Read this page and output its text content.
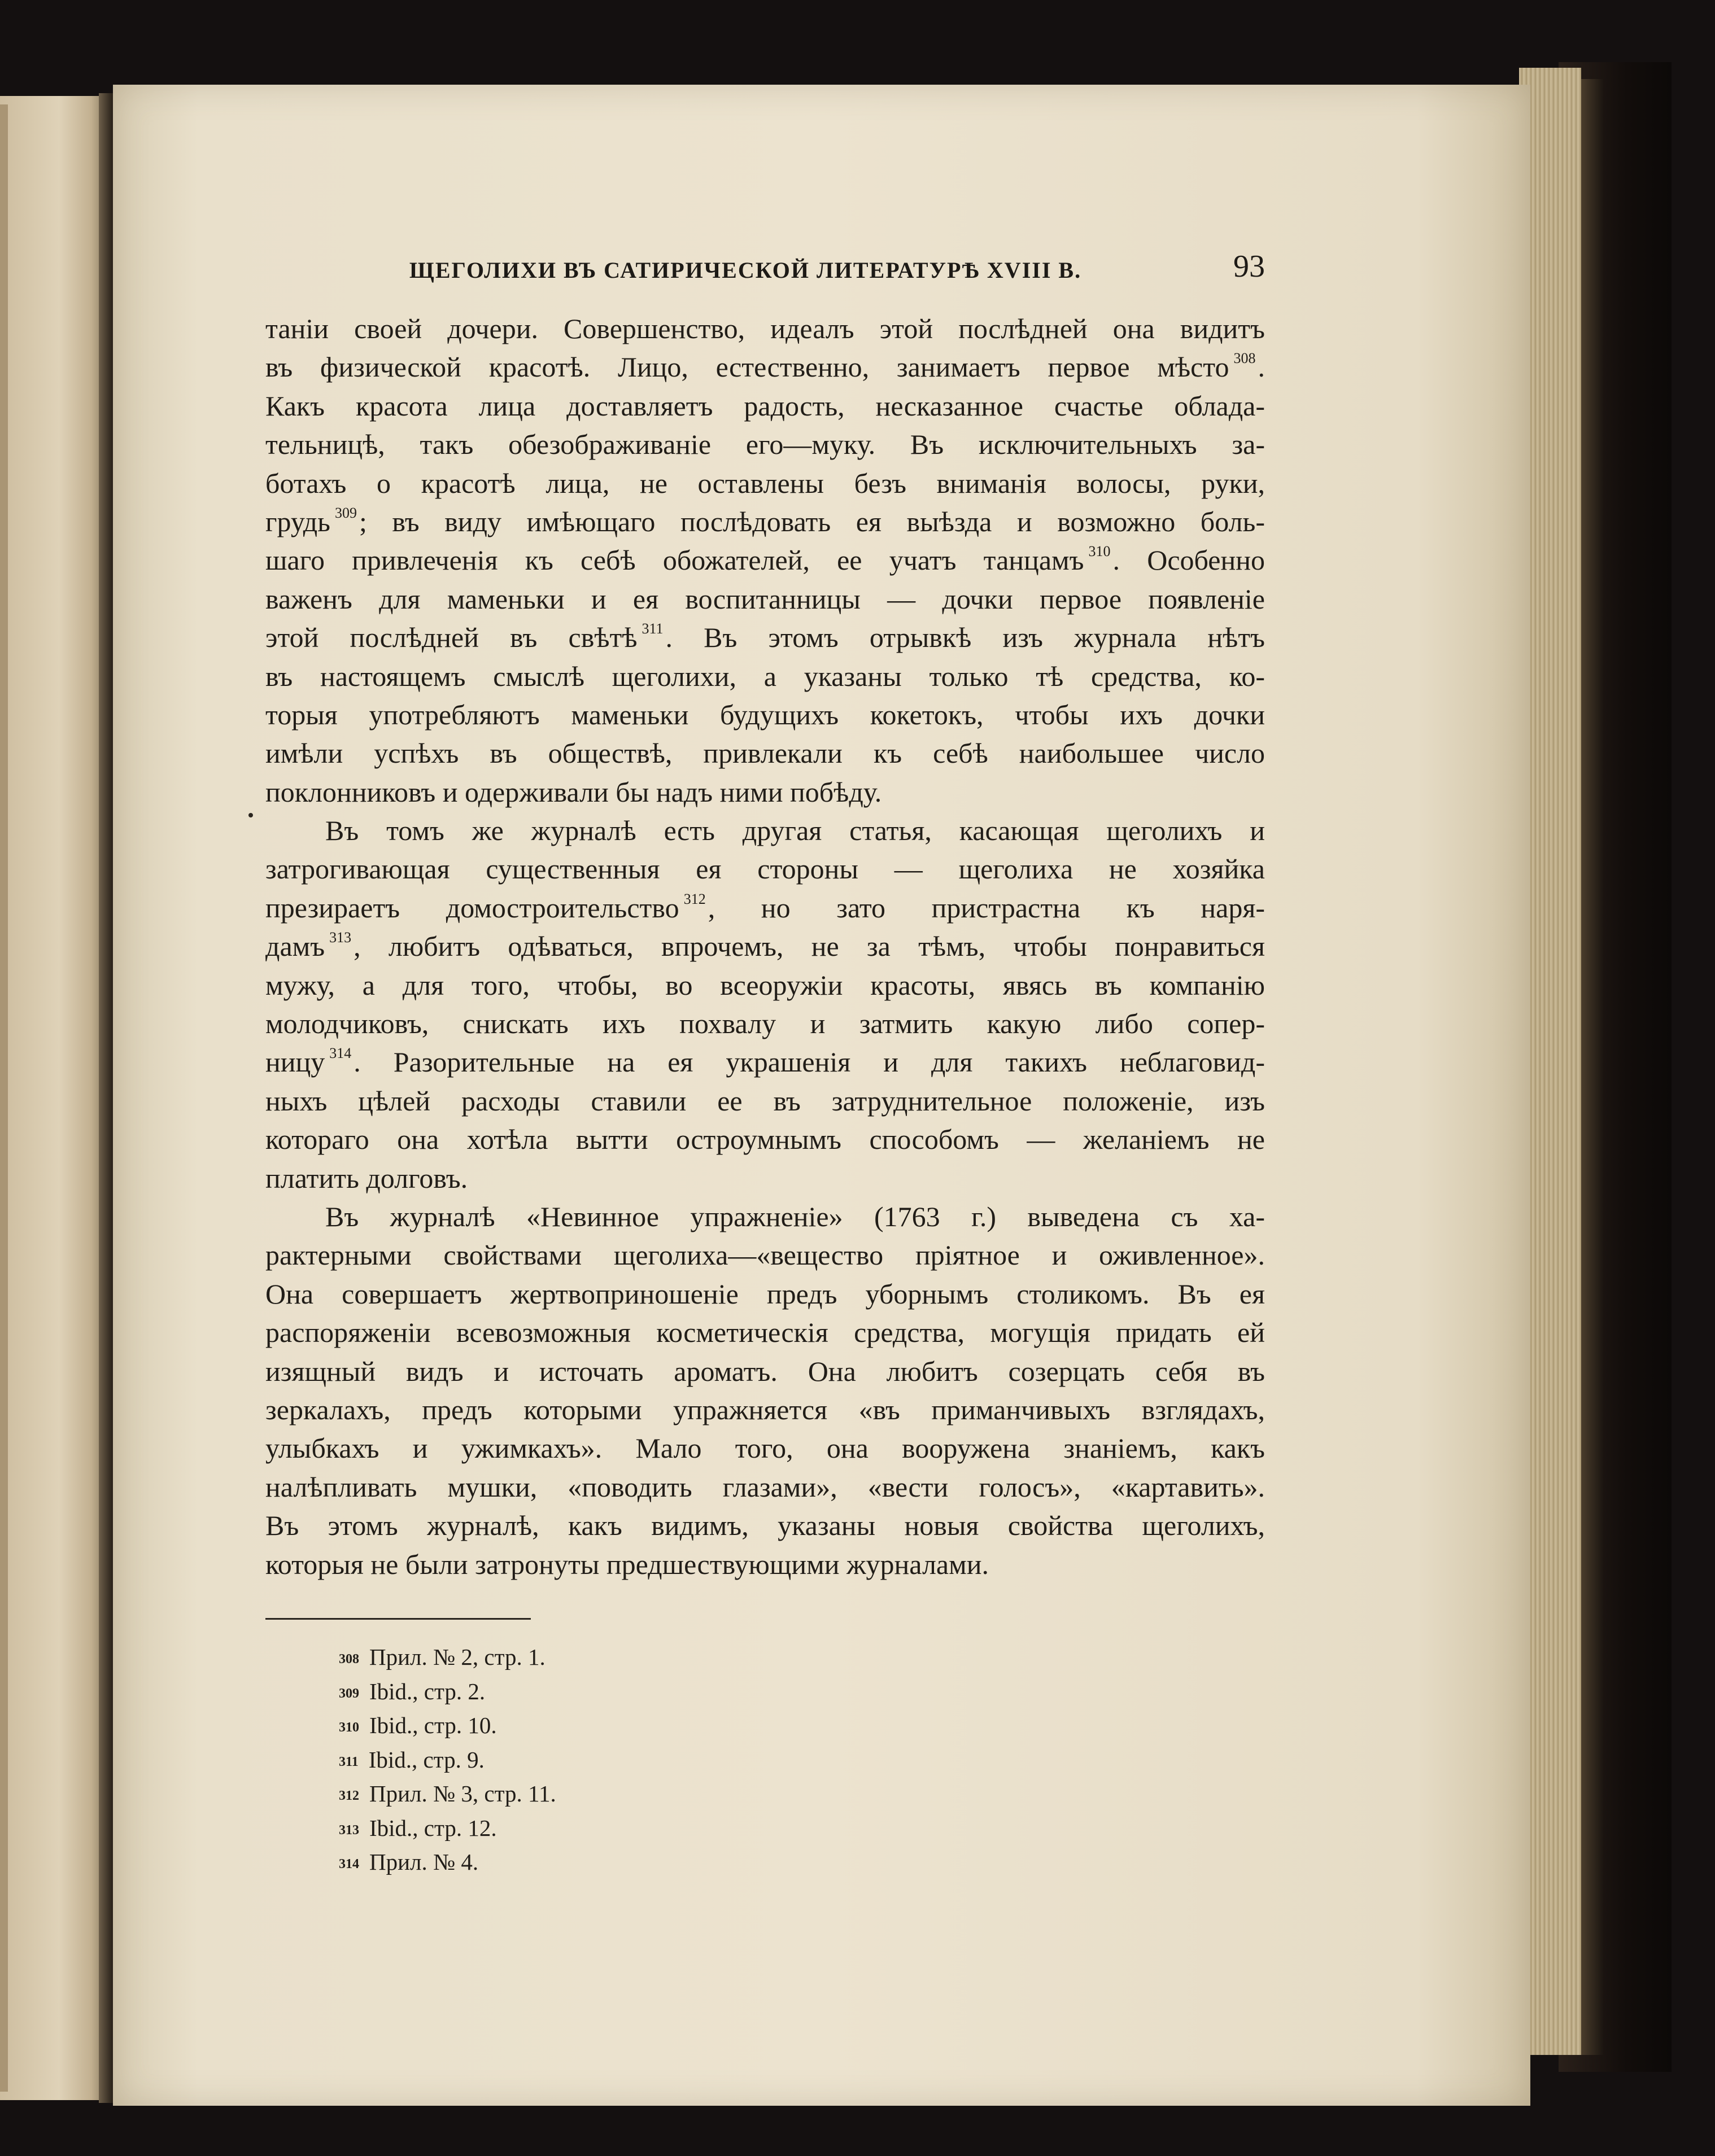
ЩЕГОЛИХИ ВЪ САТИРИЧЕСКОЙ ЛИТЕРАТУРѢ XVIII В.	93
таніи своей дочери. Совершенство, идеалъ этой послѣдней она видитъ
въ физической красотѣ. Лицо, естественно, занимаетъ первое мѣсто $^{308}$.
Какъ красота лица доставляетъ радость, несказанное счастье облада-
тельницѣ, такъ обезображиваніе его—муку. Въ исключительныхъ за-
ботахъ о красотѣ лица, не оставлены безъ вниманія волосы, руки,
грудь $^{309}$; въ виду имѣющаго послѣдовать ея выѣзда и возможно боль-
шаго привлеченія къ себѣ обожателей, ее учатъ танцамъ $^{310}$. Особенно
важенъ для маменьки и ея воспитанницы — дочки первое появленіе
этой послѣдней въ свѣтѣ $^{311}$. Въ этомъ отрывкѣ изъ журнала нѣтъ
въ настоящемъ смыслѣ щеголихи, а указаны только тѣ средства, ко-
торыя употребляютъ маменьки будущихъ кокетокъ, чтобы ихъ дочки
имѣли успѣхъ въ обществѣ, привлекали къ себѣ наибольшее число
поклонниковъ и одерживали бы надъ ними побѣду.
Въ томъ же журналѣ есть другая статья, касающая щеголихъ и
затрогивающая существенныя ея стороны — щеголиха не хозяйка
презираетъ домостроительство $^{312}$, но зато пристрастна къ наря-
дамъ $^{313}$, любитъ одѣваться, впрочемъ, не за тѣмъ, чтобы понравиться
мужу, а для того, чтобы, во всеоружіи красоты, явясь въ компанію
молодчиковъ, снискать ихъ похвалу и затмить какую либо сопер-
ницу $^{314}$. Разорительные на ея украшенія и для такихъ неблаговид-
ныхъ цѣлей расходы ставили ее въ затруднительное положеніе, изъ
котораго она хотѣла вытти остроумнымъ способомъ — желаніемъ не
платить долговъ.
Въ журналѣ «Невинное упражненіе» (1763 г.) выведена съ ха-
рактерными свойствами щеголиха—«вещество пріятное и оживленное».
Она совершаетъ жертвоприношеніе предъ уборнымъ столикомъ. Въ ея
распоряженіи всевозможныя косметическія средства, могущія придать ей
изящный видъ и источать ароматъ. Она любитъ созерцать себя въ
зеркалахъ, предъ которыми упражняется «въ приманчивыхъ взглядахъ,
улыбкахъ и ужимкахъ». Мало того, она вооружена знаніемъ, какъ
налѣпливать мушки, «поводить глазами», «вести голосъ», «картавить».
Въ этомъ журналѣ, какъ видимъ, указаны новыя свойства щеголихъ,
которыя не были затронуты предшествующими журналами.
$^{308}$ Прил. № 2, стр. 1.
$^{309}$ Ibid., стр. 2.
$^{310}$ Ibid., стр. 10.
$^{311}$ Ibid., стр. 9.
$^{312}$ Прил. № 3, стр. 11.
$^{313}$ Ibid., стр. 12.
$^{314}$ Прил. № 4.
